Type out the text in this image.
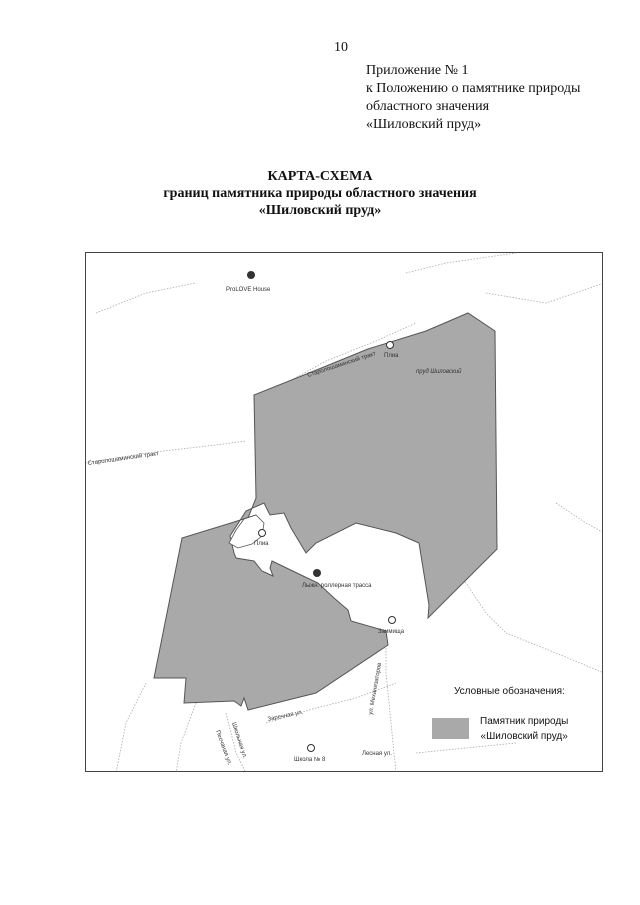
10
Приложение № 1
к Положению о памятнике природы
областного значения
«Шиловский пруд»
КАРТА-СХЕМА
границ памятника природы областного значения
«Шиловский пруд»
ProLOVE House
пруд Шиловский
Плиа
Плиа
Лыжн. роллерная трасса
Заимища
Старолошаминский тракт
Старолошаминский тракт
Заречная ул.
ул. Механизаторов
Песчаная ул.
Школьная ул.
Школа № 8
Лесная ул.
Условные обозначения:
Памятник природы
«Шиловский пруд»
